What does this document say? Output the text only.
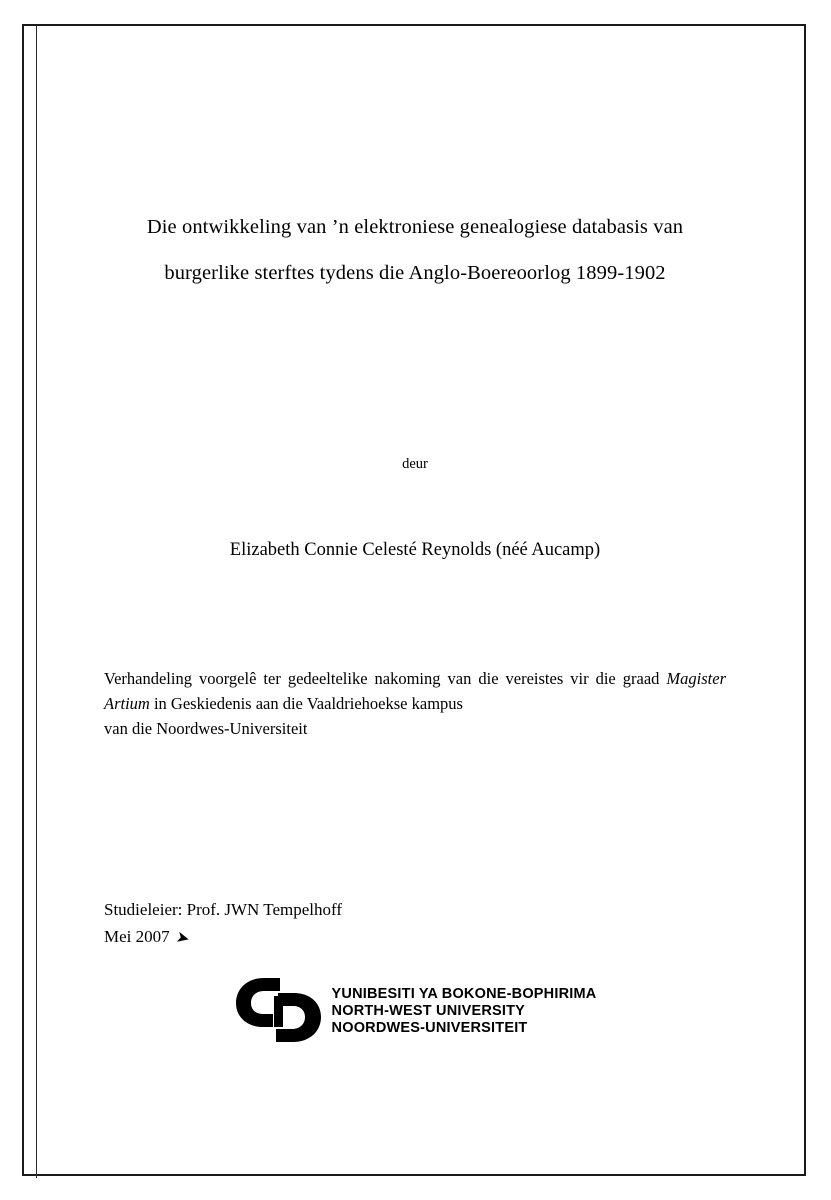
Die ontwikkeling van ’n elektroniese genealogiese databasis van
burgerlike sterftes tydens die Anglo-Boereoorlog 1899-1902
deur
Elizabeth Connie Celesté Reynolds (néé Aucamp)
Verhandeling voorgelê ter gedeeltelike nakoming van die vereistes vir die graad Magister Artium in Geskiedenis aan die Vaaldriehoekse kampus
van die Noordwes-Universiteit
Studieleier: Prof. JWN Tempelhoff
Mei 2007 ➤
YUNIBESITI YA BOKONE-BOPHIRIMA
NORTH-WEST UNIVERSITY
NOORDWES-UNIVERSITEIT
